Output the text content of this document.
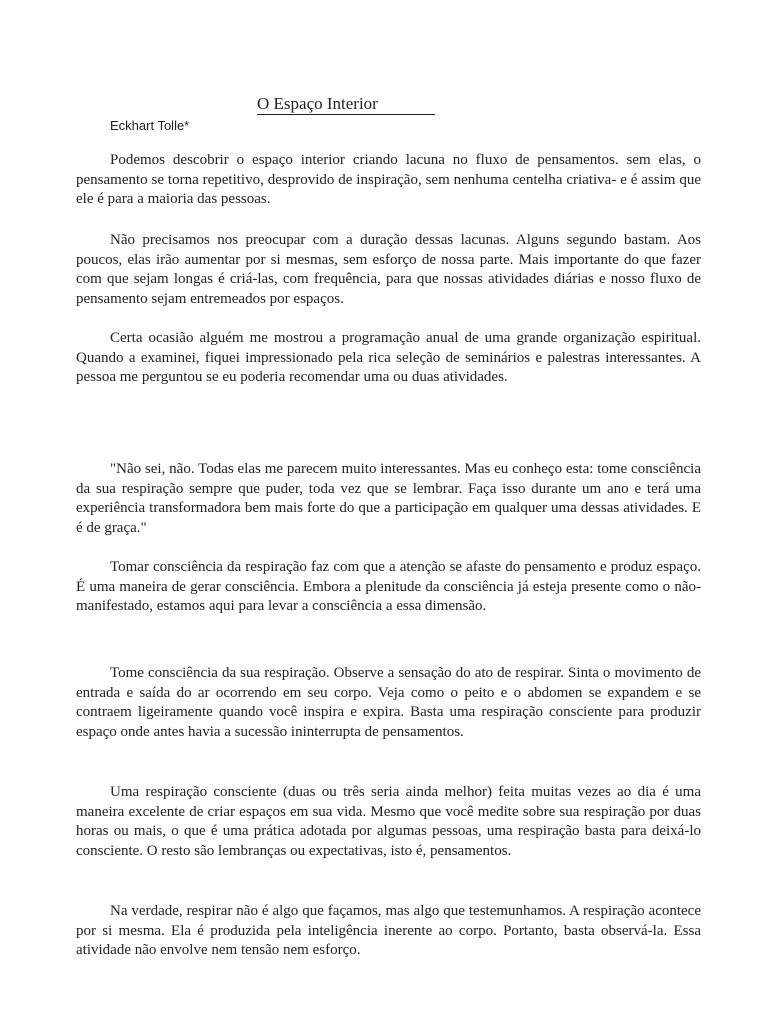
O Espaço Interior
Eckhart Tolle*

Podemos descobrir o espaço interior criando lacuna no fluxo de pensamentos. sem elas, o pensamento se torna repetitivo, desprovido de inspiração, sem nenhuma centelha criativa- e é assim que ele é para a maioria das pessoas.

Não precisamos nos preocupar com a duração dessas lacunas. Alguns segundo bastam. Aos poucos, elas irão aumentar por si mesmas, sem esforço de nossa parte. Mais importante do que fazer com que sejam longas é criá-las, com frequência, para que nossas atividades diárias e nosso fluxo de pensamento sejam entremeados por espaços.

Certa ocasião alguém me mostrou a programação anual de uma grande organização espiritual. Quando a examinei, fiquei impressionado pela rica seleção de seminários e palestras interessantes. A pessoa me perguntou se eu poderia recomendar uma ou duas atividades.

"Não sei, não. Todas elas me parecem muito interessantes. Mas eu conheço esta: tome consciência da sua respiração sempre que puder, toda vez que se lembrar. Faça isso durante um ano e terá uma experiência transformadora bem mais forte do que a participação em qualquer uma dessas atividades. E é de graça."

Tomar consciência da respiração faz com que a atenção se afaste do pensamento e produz espaço. É uma maneira de gerar consciência. Embora a plenitude da consciência já esteja presente como o não-manifestado, estamos aqui para levar a consciência a essa dimensão.

Tome consciência da sua respiração. Observe a sensação do ato de respirar. Sinta o movimento de entrada e saída do ar ocorrendo em seu corpo. Veja como o peito e o abdomen se expandem e se contraem ligeiramente quando você inspira e expira. Basta uma respiração consciente para produzir espaço onde antes havia a sucessão ininterrupta de pensamentos.

Uma respiração consciente (duas ou três seria ainda melhor) feita muitas vezes ao dia é uma maneira excelente de criar espaços em sua vida. Mesmo que você medite sobre sua respiração por duas horas ou mais, o que é uma prática adotada por algumas pessoas, uma respiração basta para deixá-lo consciente. O resto são lembranças ou expectativas, isto é, pensamentos.

Na verdade, respirar não é algo que façamos, mas algo que testemunhamos. A respiração acontece por si mesma. Ela é produzida pela inteligência inerente ao corpo. Portanto, basta observá-la. Essa atividade não envolve nem tensão nem esforço.
